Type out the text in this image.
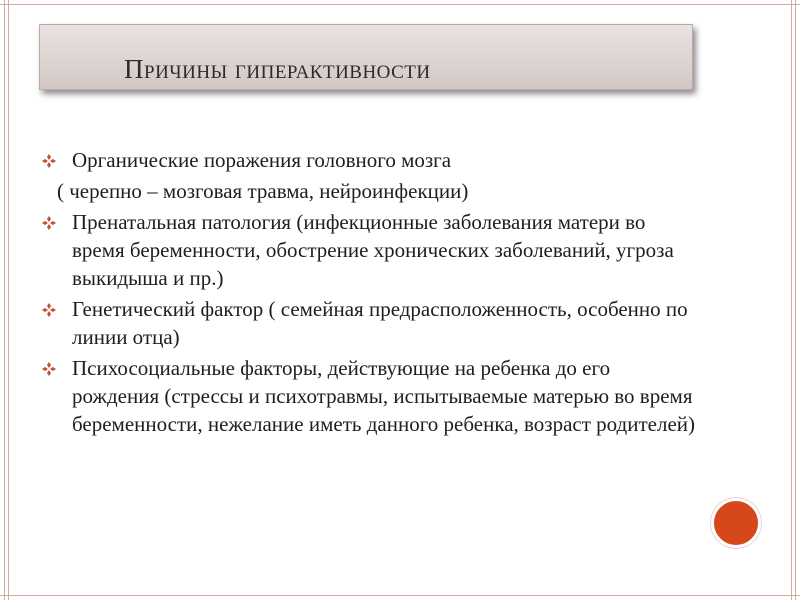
Причины гиперактивности
Органические поражения головного мозга
( черепно – мозговая травма, нейроинфекции)
Пренатальная патология (инфекционные заболевания матери во время беременности, обострение хронических заболеваний, угроза выкидыша и пр.)
Генетический фактор ( семейная предрасположенность, особенно по линии отца)
Психосоциальные факторы, действующие на ребенка до его рождения (стрессы и психотравмы, испытываемые матерью во время беременности, нежелание иметь данного ребенка, возраст родителей)
